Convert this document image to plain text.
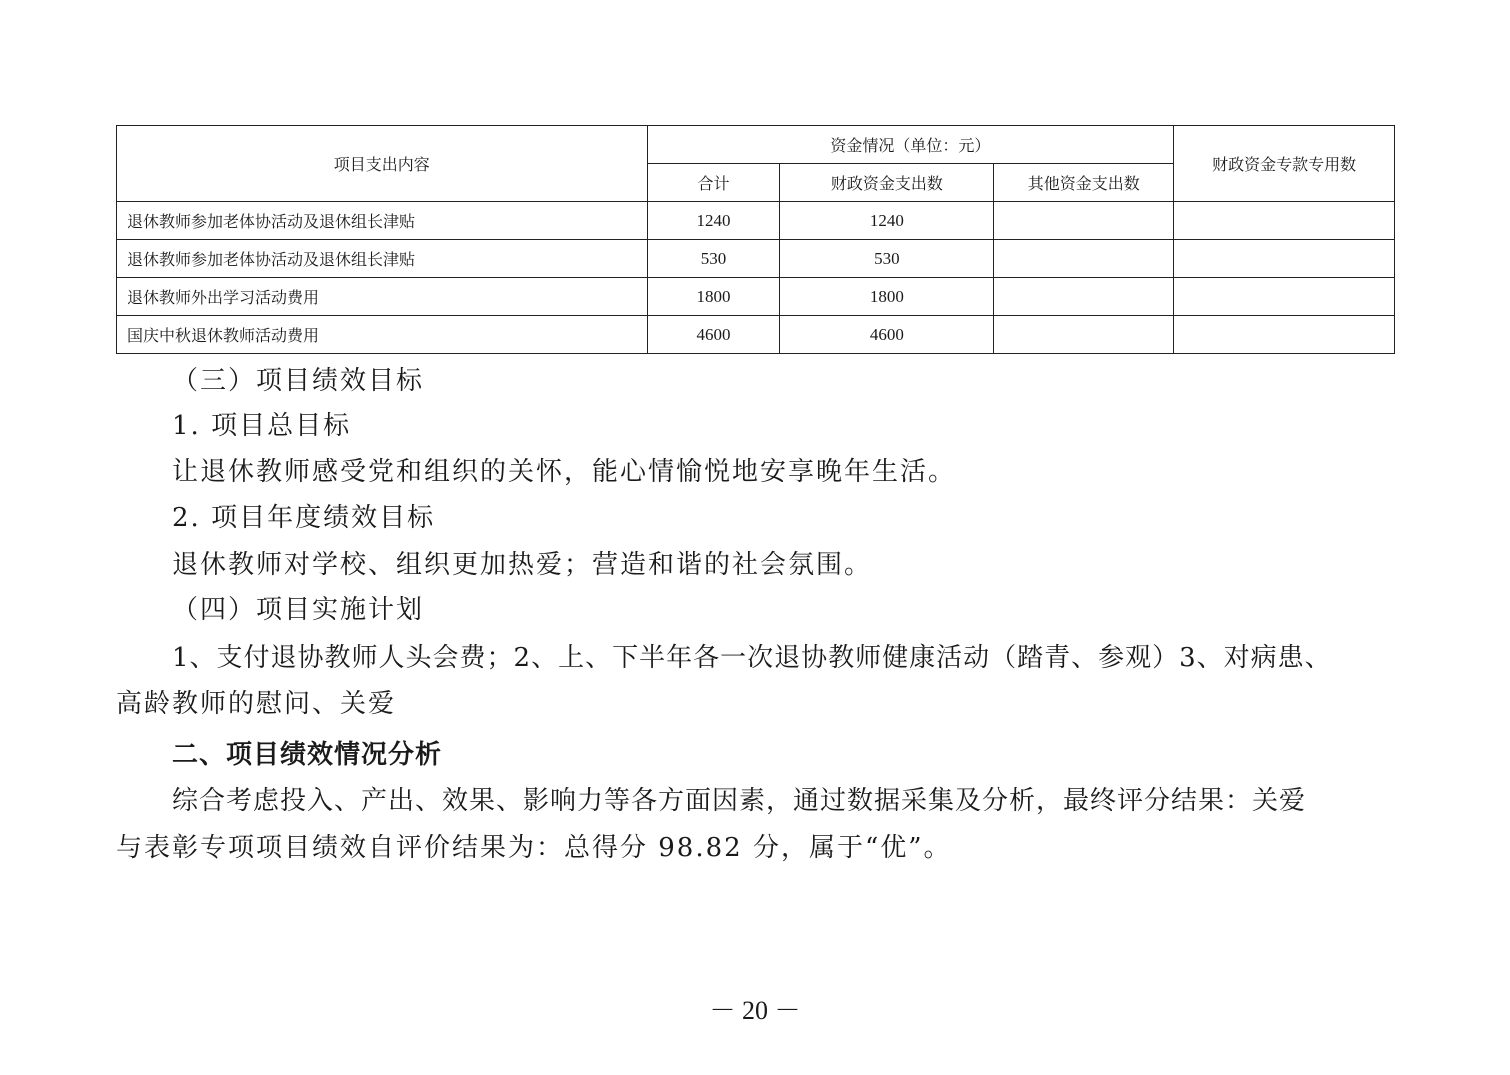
项目支出内容	资金情况（单位：元）			财政资金专款专用数
	合计	财政资金支出数	其他资金支出数	
退休教师参加老体协活动及退休组长津贴	1240	1240		
退休教师参加老体协活动及退休组长津贴	530	530		
退休教师外出学习活动费用	1800	1800		
国庆中秋退休教师活动费用	4600	4600		

（三）项目绩效目标

1. 项目总目标

让退休教师感受党和组织的关怀，能心情愉悦地安享晚年生活。

2. 项目年度绩效目标

退休教师对学校、组织更加热爱；营造和谐的社会氛围。

（四）项目实施计划

1、支付退协教师人头会费；2、上、下半年各一次退协教师健康活动（踏青、参观）3、对病患、

高龄教师的慰问、关爱

二、项目绩效情况分析

综合考虑投入、产出、效果、影响力等各方面因素，通过数据采集及分析，最终评分结果：关爱

与表彰专项项目绩效自评价结果为：总得分 98.82 分，属于“优”。

－ 20 －
